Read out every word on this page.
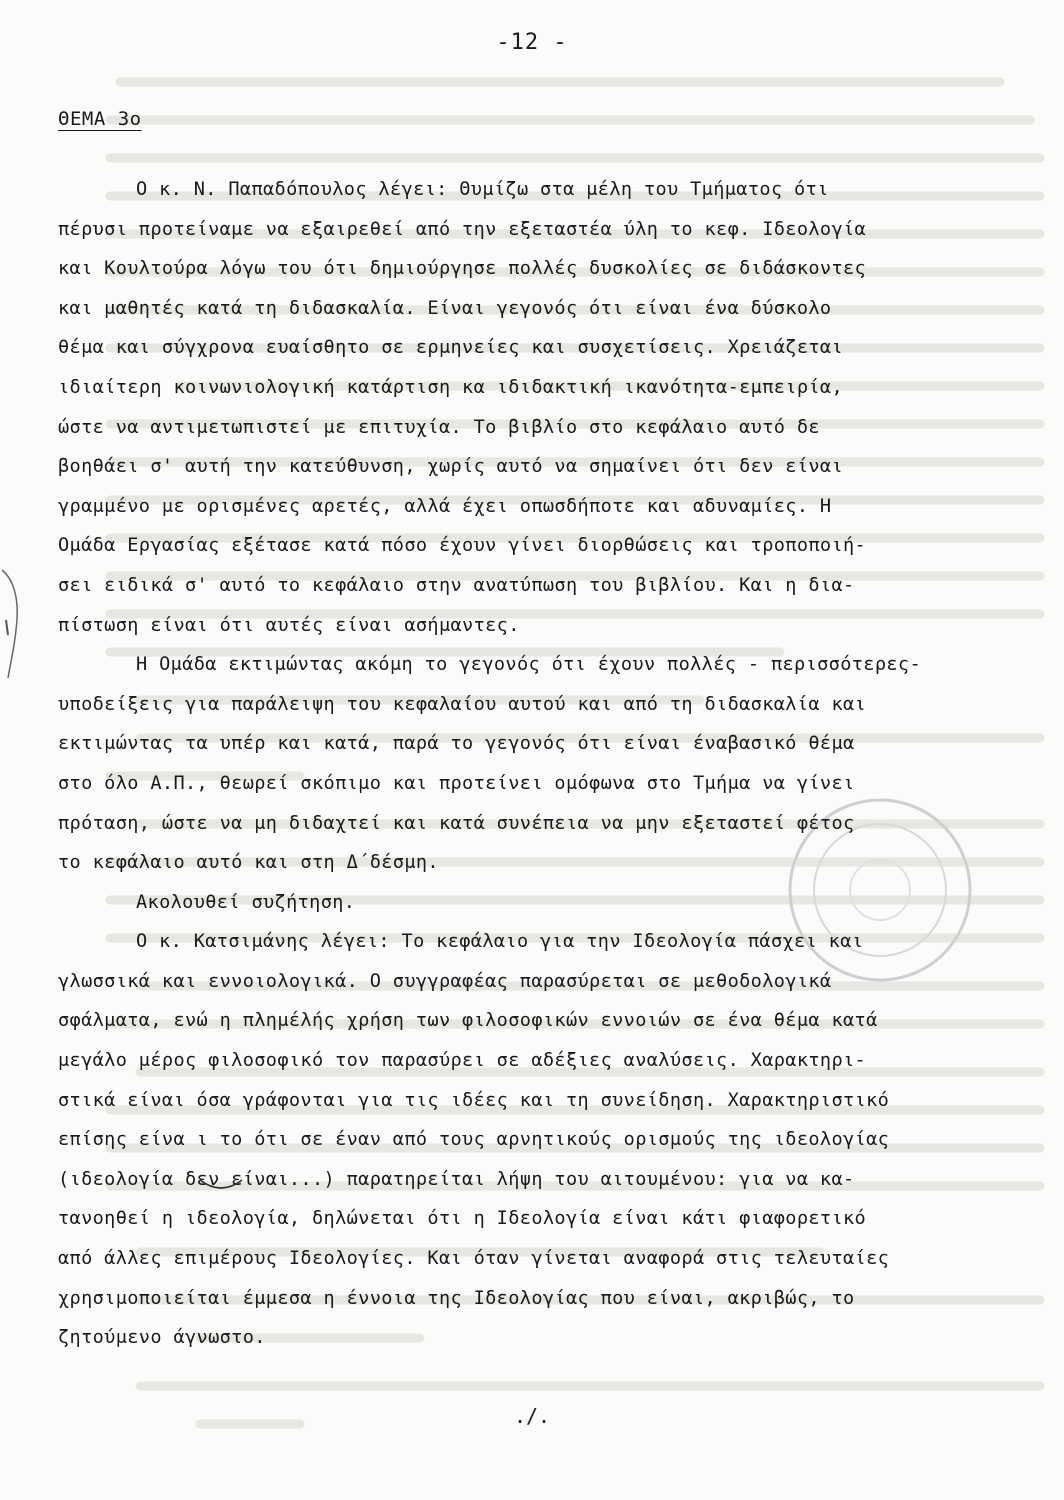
-12 -
ΘΕΜΑ 3ο
Ο κ. Ν. Παπαδόπουλος λέγει: Θυμίζω στα μέλη του Τμήματος ότι
πέρυσι προτείναμε να εξαιρεθεί από την εξεταστέα ύλη το κεφ. Ιδεολογία
και Κουλτούρα λόγω του ότι δημιούργησε πολλές δυσκολίες σε διδάσκοντες
και μαθητές κατά τη διδασκαλία. Είναι γεγονός ότι είναι ένα δύσκολο
θέμα και σύγχρονα ευαίσθητο σε ερμηνείες και συσχετίσεις. Χρειάζεται
ιδιαίτερη κοινωνιολογική κατάρτιση κα ιδιδακτική ικανότητα-εμπειρία,
ώστε να αντιμετωπιστεί με επιτυχία. Το βιβλίο στο κεφάλαιο αυτό δε
βοηθάει σ' αυτή την κατεύθυνση, χωρίς αυτό να σημαίνει ότι δεν είναι
γραμμένο με ορισμένες αρετές, αλλά έχει οπωσδήποτε και αδυναμίες. Η
Ομάδα Εργασίας εξέτασε κατά πόσο έχουν γίνει διορθώσεις και τροποποιή-
σει ειδικά σ' αυτό το κεφάλαιο στην ανατύπωση του βιβλίου. Και η δια-
πίστωση είναι ότι αυτές είναι ασήμαντες.
Η Ομάδα εκτιμώντας ακόμη το γεγονός ότι έχουν πολλές - περισσότερες-
υποδείξεις για παράλειψη του κεφαλαίου αυτού και από τη διδασκαλία και
εκτιμώντας τα υπέρ και κατά, παρά το γεγονός ότι είναι έναβασικό θέμα
στο όλο Α.Π., θεωρεί σκόπιμο και προτείνει ομόφωνα στο Τμήμα να γίνει
πρόταση, ώστε να μη διδαχτεί και κατά συνέπεια να μην εξεταστεί φέτος
το κεφάλαιο αυτό και στη Δ΄δέσμη.
Ακολουθεί συζήτηση.
Ο κ. Κατσιμάνης λέγει: Το κεφάλαιο για την Ιδεολογία πάσχει και
γλωσσικά και εννοιολογικά. Ο συγγραφέας παρασύρεται σε μεθοδολογικά
σφάλματα, ενώ η πλημέλής χρήση των φιλοσοφικών εννοιών σε ένα θέμα κατά
μεγάλο μέρος φιλοσοφικό τον παρασύρει σε αδέξιες αναλύσεις. Χαρακτηρι-
στικά είναι όσα γράφονται για τις ιδέες και τη συνείδηση. Χαρακτηριστικό
επίσης είνα ι το ότι σε έναν από τους αρνητικούς ορισμούς της ιδεολογίας
(ιδεολογία δεν είναι...) παρατηρείται λήψη του αιτουμένου: για να κα-
τανοηθεί η ιδεολογία, δηλώνεται ότι η Ιδεολογία είναι κάτι φιαφορετικό
από άλλες επιμέρους Ιδεολογίες. Και όταν γίνεται αναφορά στις τελευταίες
χρησιμοποιείται έμμεσα η έννοια της Ιδεολογίας που είναι, ακριβώς, το
ζητούμενο άγνωστο.
./.
